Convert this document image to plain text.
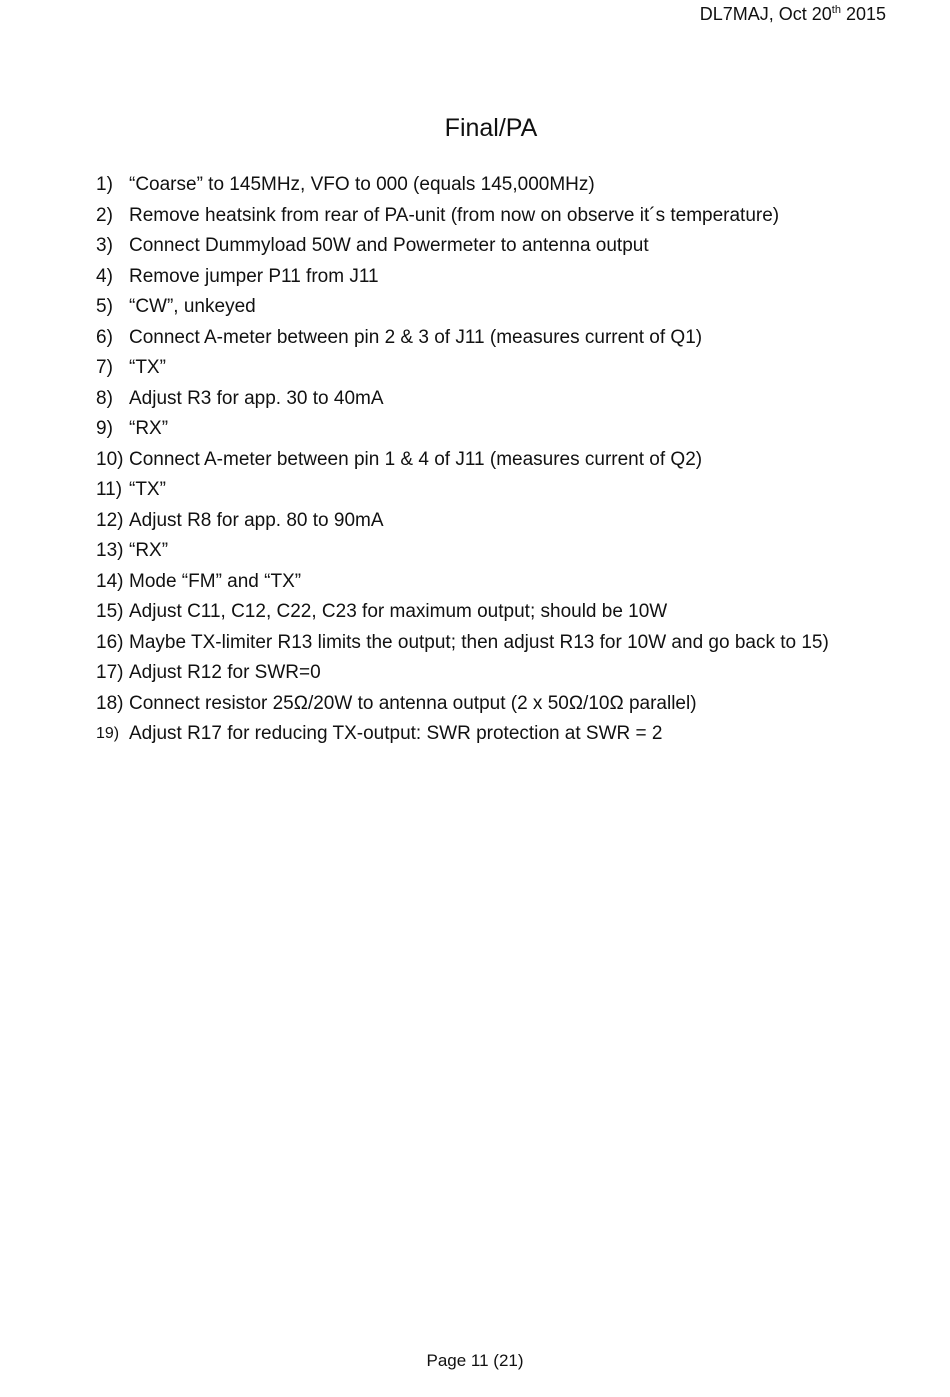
DL7MAJ, Oct 20th 2015
Final/PA
1) “Coarse” to 145MHz, VFO to 000 (equals 145,000MHz)
2) Remove heatsink from rear of PA-unit (from now on observe it´s temperature)
3) Connect Dummyload 50W and Powermeter to antenna output
4) Remove jumper P11 from J11
5) “CW”, unkeyed
6) Connect A-meter between pin 2 & 3 of J11 (measures current of Q1)
7) “TX”
8) Adjust R3 for app. 30 to 40mA
9) “RX”
10) Connect A-meter between pin 1 & 4 of J11 (measures current of Q2)
11) “TX”
12) Adjust R8 for app. 80 to 90mA
13) “RX”
14) Mode “FM” and “TX”
15) Adjust C11, C12, C22, C23 for maximum output; should be 10W
16) Maybe TX-limiter R13 limits the output; then adjust R13 for 10W and go back to 15)
17) Adjust R12 for SWR=0
18) Connect resistor 25Ω/20W to antenna output (2 x 50Ω/10Ω parallel)
19) Adjust R17 for reducing TX-output: SWR protection at SWR = 2
Page 11 (21)
